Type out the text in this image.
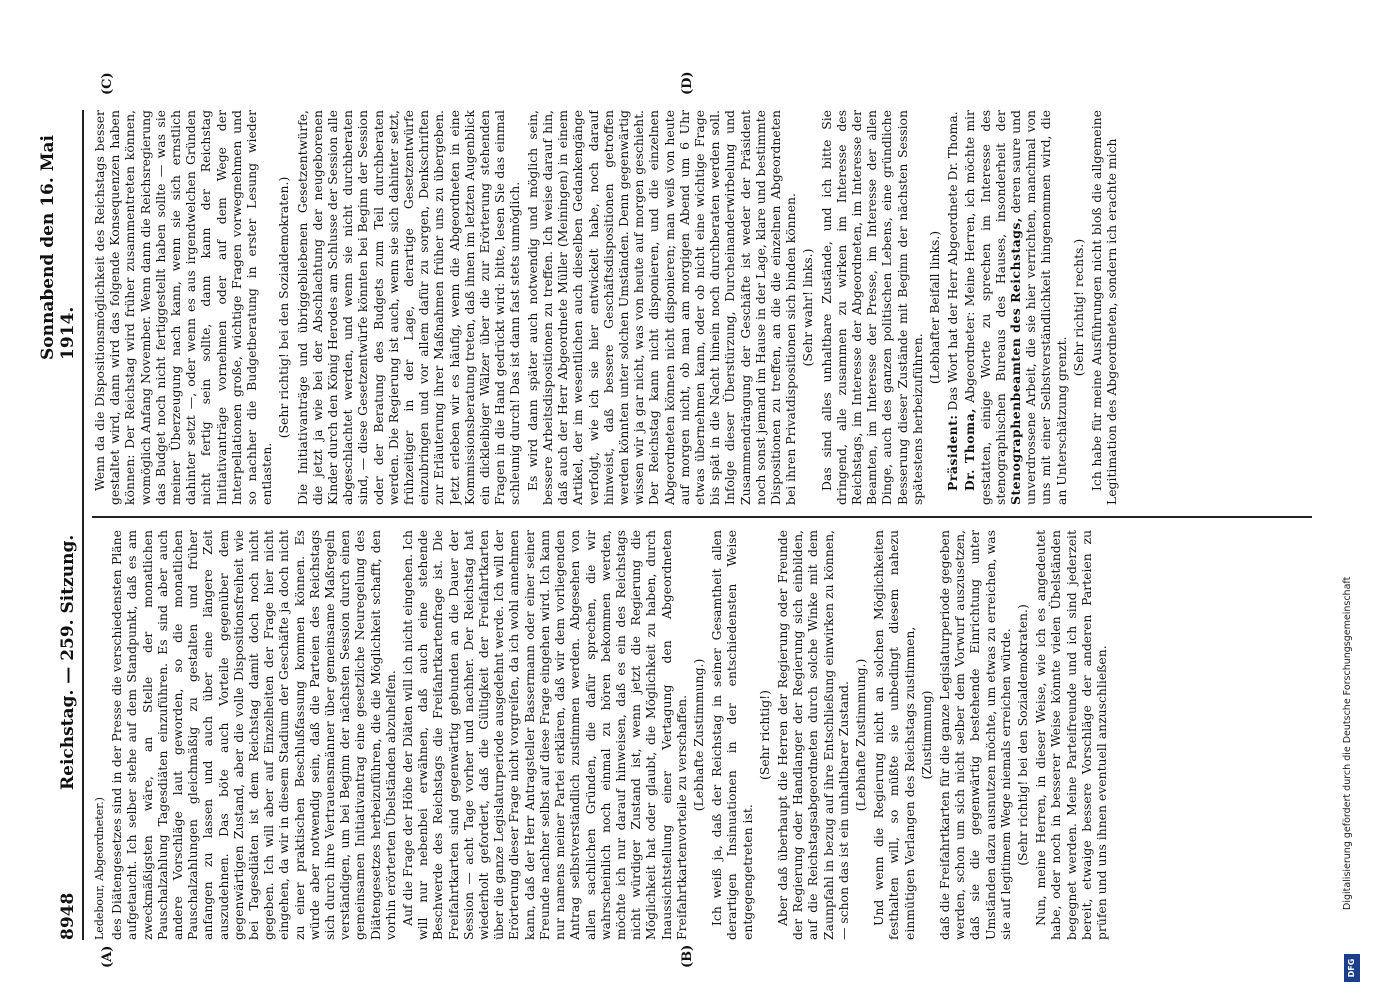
8948
Reichstag. — 259. Sitzung.
Sonnabend den 16. Mai 1914.
(A)	(B)
(C)	(D)

Ledebour, Abgeordneter.) des Diätengesetzes sind in der Presse die verschiedensten Pläne aufgetaucht. Ich selber stehe auf dem Standpunkt, daß es am zweckmäßigsten wäre, an Stelle der monatlichen Pauschalzahlung Tagesdiäten einzuführen. Es sind aber auch andere Vorschläge laut geworden, so die monatlichen Pauschalzahlungen gleichmäßig zu gestalten und früher anfangen zu lassen und auch über eine längere Zeit auszudehnen. Das böte auch Vorteile gegenüber dem gegenwärtigen Zustand, aber die volle Dispositionsfreiheit wie bei Tagesdiäten ist dem Reichstag damit doch noch nicht gegeben. Ich will aber auf Einzelheiten der Frage hier nicht eingehen, da wir in diesem Stadium der Geschäfte ja doch nicht zu einer praktischen Beschlußfassung kommen können. Es würde aber notwendig sein, daß die Parteien des Reichstags sich durch ihre Vertrauensmänner über gemeinsame Maßregeln verständigen, um bei Beginn der nächsten Session durch einen gemeinsamen Initiativantrag eine gesetzliche Neuregelung des Diätengesetzes herbeizuführen, die die Möglichkeit schafft, den vorhin erörterten Übelständen abzuhelfen. Auf die Frage der Höhe der Diäten will ich nicht eingehen. Ich will nur nebenbei erwähnen, daß auch eine stehende Beschwerde des Reichstags die Freifahrtkartenfrage ist. Die Freifahrtkarten sind gegenwärtig gebunden an die Dauer der Session — acht Tage vorher und nachher. Der Reichstag hat wiederholt gefordert, daß die Gültigkeit der Freifahrtkarten über die ganze Legislaturperiode ausgedehnt werde. Ich will der Erörterung dieser Frage nicht vorgreifen, da ich wohl annehmen kann, daß der Herr Antragsteller Bassermann oder einer seiner Freunde nachher selbst auf diese Frage eingehen wird. Ich kann nur namens meiner Partei erklären, daß wir dem vorliegenden Antrag selbstverständlich zustimmen werden. Abgesehen von allen sachlichen Gründen, die dafür sprechen, die wir wahrscheinlich noch einmal zu hören bekommen werden, möchte ich nur darauf hinweisen, daß es ein des Reichstags nicht würdiger Zustand ist, wenn jetzt die Regierung die Möglichkeit hat oder glaubt, die Möglichkeit zu haben, durch Inaussichtstellung einer Vertagung den Abgeordneten Freifahrtkartenvorteile zu verschaffen. (Lebhafte Zustimmung.) Ich weiß ja, daß der Reichstag in seiner Gesamtheit allen derartigen Insinuationen in der entschiedensten Weise entgegengetreten ist.

(Sehr richtig!) Aber daß überhaupt die Herren der Regierung oder Freunde der Regierung oder Handlanger der Regierung sich einbilden, auf die Reichstagsabgeordneten durch solche Winke mit dem Zaunpfahl in bezug auf ihre Entschließung einwirken zu können, — schon das ist ein unhaltbarer Zustand. (Lebhafte Zustimmung.) Und wenn die Regierung nicht an solchen Möglichkeiten festhalten will, so müßte sie unbedingt diesem nahezu einmütigen Verlangen des Reichstags zustimmen, (Zustimmung) daß die Freifahrtkarten für die ganze Legislaturperiode gegeben werden, schon um sich nicht selber dem Vorwurf auszusetzen, daß sie die gegenwärtig bestehende Einrichtung unter Umständen dazu ausnutzen möchte, um etwas zu erreichen, was sie auf legitimem Wege niemals erreichen würde. (Sehr richtig! bei den Sozialdemokraten.) Nun, meine Herren, in dieser Weise, wie ich es angedeutet habe, oder noch in besserer Weise könnte vielen Übelständen begegnet werden. Meine Parteifreunde und ich sind jederzeit bereit, etwaige bessere Vorschläge der anderen Parteien zu prüfen und uns ihnen eventuell anzuschließen.

Wenn da die Dispositionsmöglichkeit des Reichstags besser gestaltet wird, dann wird das folgende Konsequenzen haben können: Der Reichstag wird früher zusammentreten können, womöglich Anfang November. Wenn dann die Reichsregierung das Budget noch nicht fertiggestellt haben sollte — was sie meiner Überzeugung nach kann, wenn sie sich ernstlich dahinter setzt —, oder wenn es aus irgendwelchen Gründen nicht fertig sein sollte, dann kann der Reichstag Initiativanträge vornehmen oder auf dem Wege der Interpellationen große, wichtige Fragen vorwegnehmen und so nachher die Budgetberatung in erster Lesung wieder entlasten.

(Sehr richtig! bei den Sozialdemokraten.) Die Initiativanträge und übriggebliebenen Gesetzentwürfe, die jetzt ja wie bei der Abschlachtung der neugeborenen Kinder durch den König Herodes am Schlusse der Session alle abgeschlachtet werden, und wenn sie nicht durchberaten sind, — diese Gesetzentwürfe könnten bei Beginn der Session oder der Beratung des Budgets zum Teil durchberaten werden. Die Regierung ist auch, wenn sie sich dahinter setzt, frühzeitiger in der Lage, derartige Gesetzentwürfe einzubringen und vor allem dafür zu sorgen, Denkschriften zur Erläuterung ihrer Maßnahmen früher uns zu übergeben. Jetzt erleben wir es häufig, wenn die Abgeordneten in eine Kommissionsberatung treten, daß ihnen im letzten Augenblick ein dickleibiger Wälzer über die zur Erörterung stehenden Fragen in die Hand gedrückt wird: bitte, lesen Sie das einmal schleunig durch! Das ist dann fast stets unmöglich. Es wird dann später auch notwendig und möglich sein, bessere Arbeitsdispositionen zu treffen. Ich weise darauf hin, daß auch der Herr Abgeordnete Müller (Meiningen) in einem Artikel, der im wesentlichen auch dieselben Gedankengänge verfolgt, wie ich sie hier entwickelt habe, noch darauf hinweist, daß bessere Geschäftsdispositionen getroffen werden könnten unter solchen Umständen. Denn gegenwärtig wissen wir ja gar nicht, was von heute auf morgen geschieht. Der Reichstag kann nicht disponieren, und die einzelnen Abgeordneten können nicht disponieren; man weiß von heute auf morgen nicht, ob man am morgigen Abend um 6 Uhr etwas übernehmen kann, oder ob nicht eine wichtige Frage bis spät in die Nacht hinein noch durchberaten werden soll. Infolge dieser Überstürzung, Durcheinanderwirbelung und Zusammendrängung der Geschäfte ist weder der Präsident noch sonst jemand im Hause in der Lage, klare und bestimmte Dispositionen zu treffen, an die die einzelnen Abgeordneten bei ihren Privatdispositionen sich binden können. (Sehr wahr! links.) Das sind alles unhaltbare Zustände, und ich bitte Sie dringend, alle zusammen zu wirken im Interesse des Reichstags, im Interesse der Abgeordneten, im Interesse der Beamten, im Interesse der Presse, im Interesse der allen Dinge, auch des ganzen politischen Lebens, eine gründliche Besserung dieser Zustände mit Beginn der nächsten Session spätestens herbeizuführen.

(Lebhafter Beifall links.)

Präsident: Das Wort hat der Herr Abgeordnete Dr. Thoma.

Dr. Thoma, Abgeordneter: Meine Herren, ich möchte mir gestatten, einige Worte zu sprechen im Interesse des stenographischen Bureaus des Hauses, insonderheit der Stenographenbeamten des Reichstags, deren saure und unverdrossene Arbeit, die sie hier verrichten, manchmal von uns mit einer Selbstverständlichkeit hingenommen wird, die an Unterschätzung grenzt.

(Sehr richtig! rechts.) Ich habe für meine Ausführungen nicht bloß die allgemeine Legitimation des Abgeordneten, sondern ich erachte mich

DFG
Digitalisierung gefördert durch die Deutsche Forschungsgemeinschaft
